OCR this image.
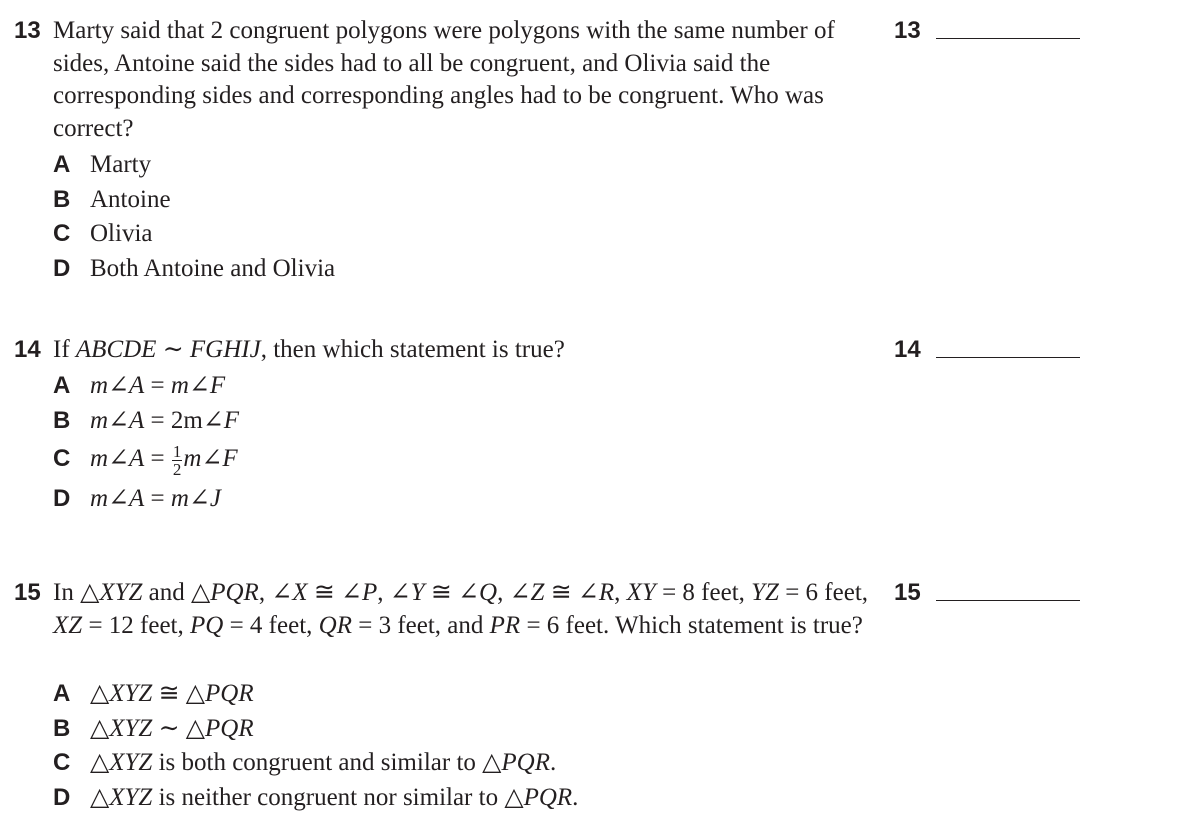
13 Marty said that 2 congruent polygons were polygons with the same number of sides, Antoine said the sides had to all be congruent, and Olivia said the corresponding sides and corresponding angles had to be congruent. Who was correct?
13
A Marty
B Antoine
C Olivia
D Both Antoine and Olivia
14 If ABCDE ∼ FGHIJ, then which statement is true?	14
A m∠A = m∠F
B m∠A = 2m∠F
C m∠A = $\frac{1}{2}$ m∠F
D m∠A = m∠J
15 In △XYZ and △PQR, ∠X ≅ ∠P, ∠Y ≅ ∠Q, ∠Z ≅ ∠R, XY = 8 feet, YZ = 6 feet, XZ = 12 feet, PQ = 4 feet, QR = 3 feet, and PR = 6 feet. Which statement is true?
15
A △XYZ ≅ △PQR
B △XYZ ∼ △PQR
C △XYZ is both congruent and similar to △PQR.
D △XYZ is neither congruent nor similar to △PQR.
